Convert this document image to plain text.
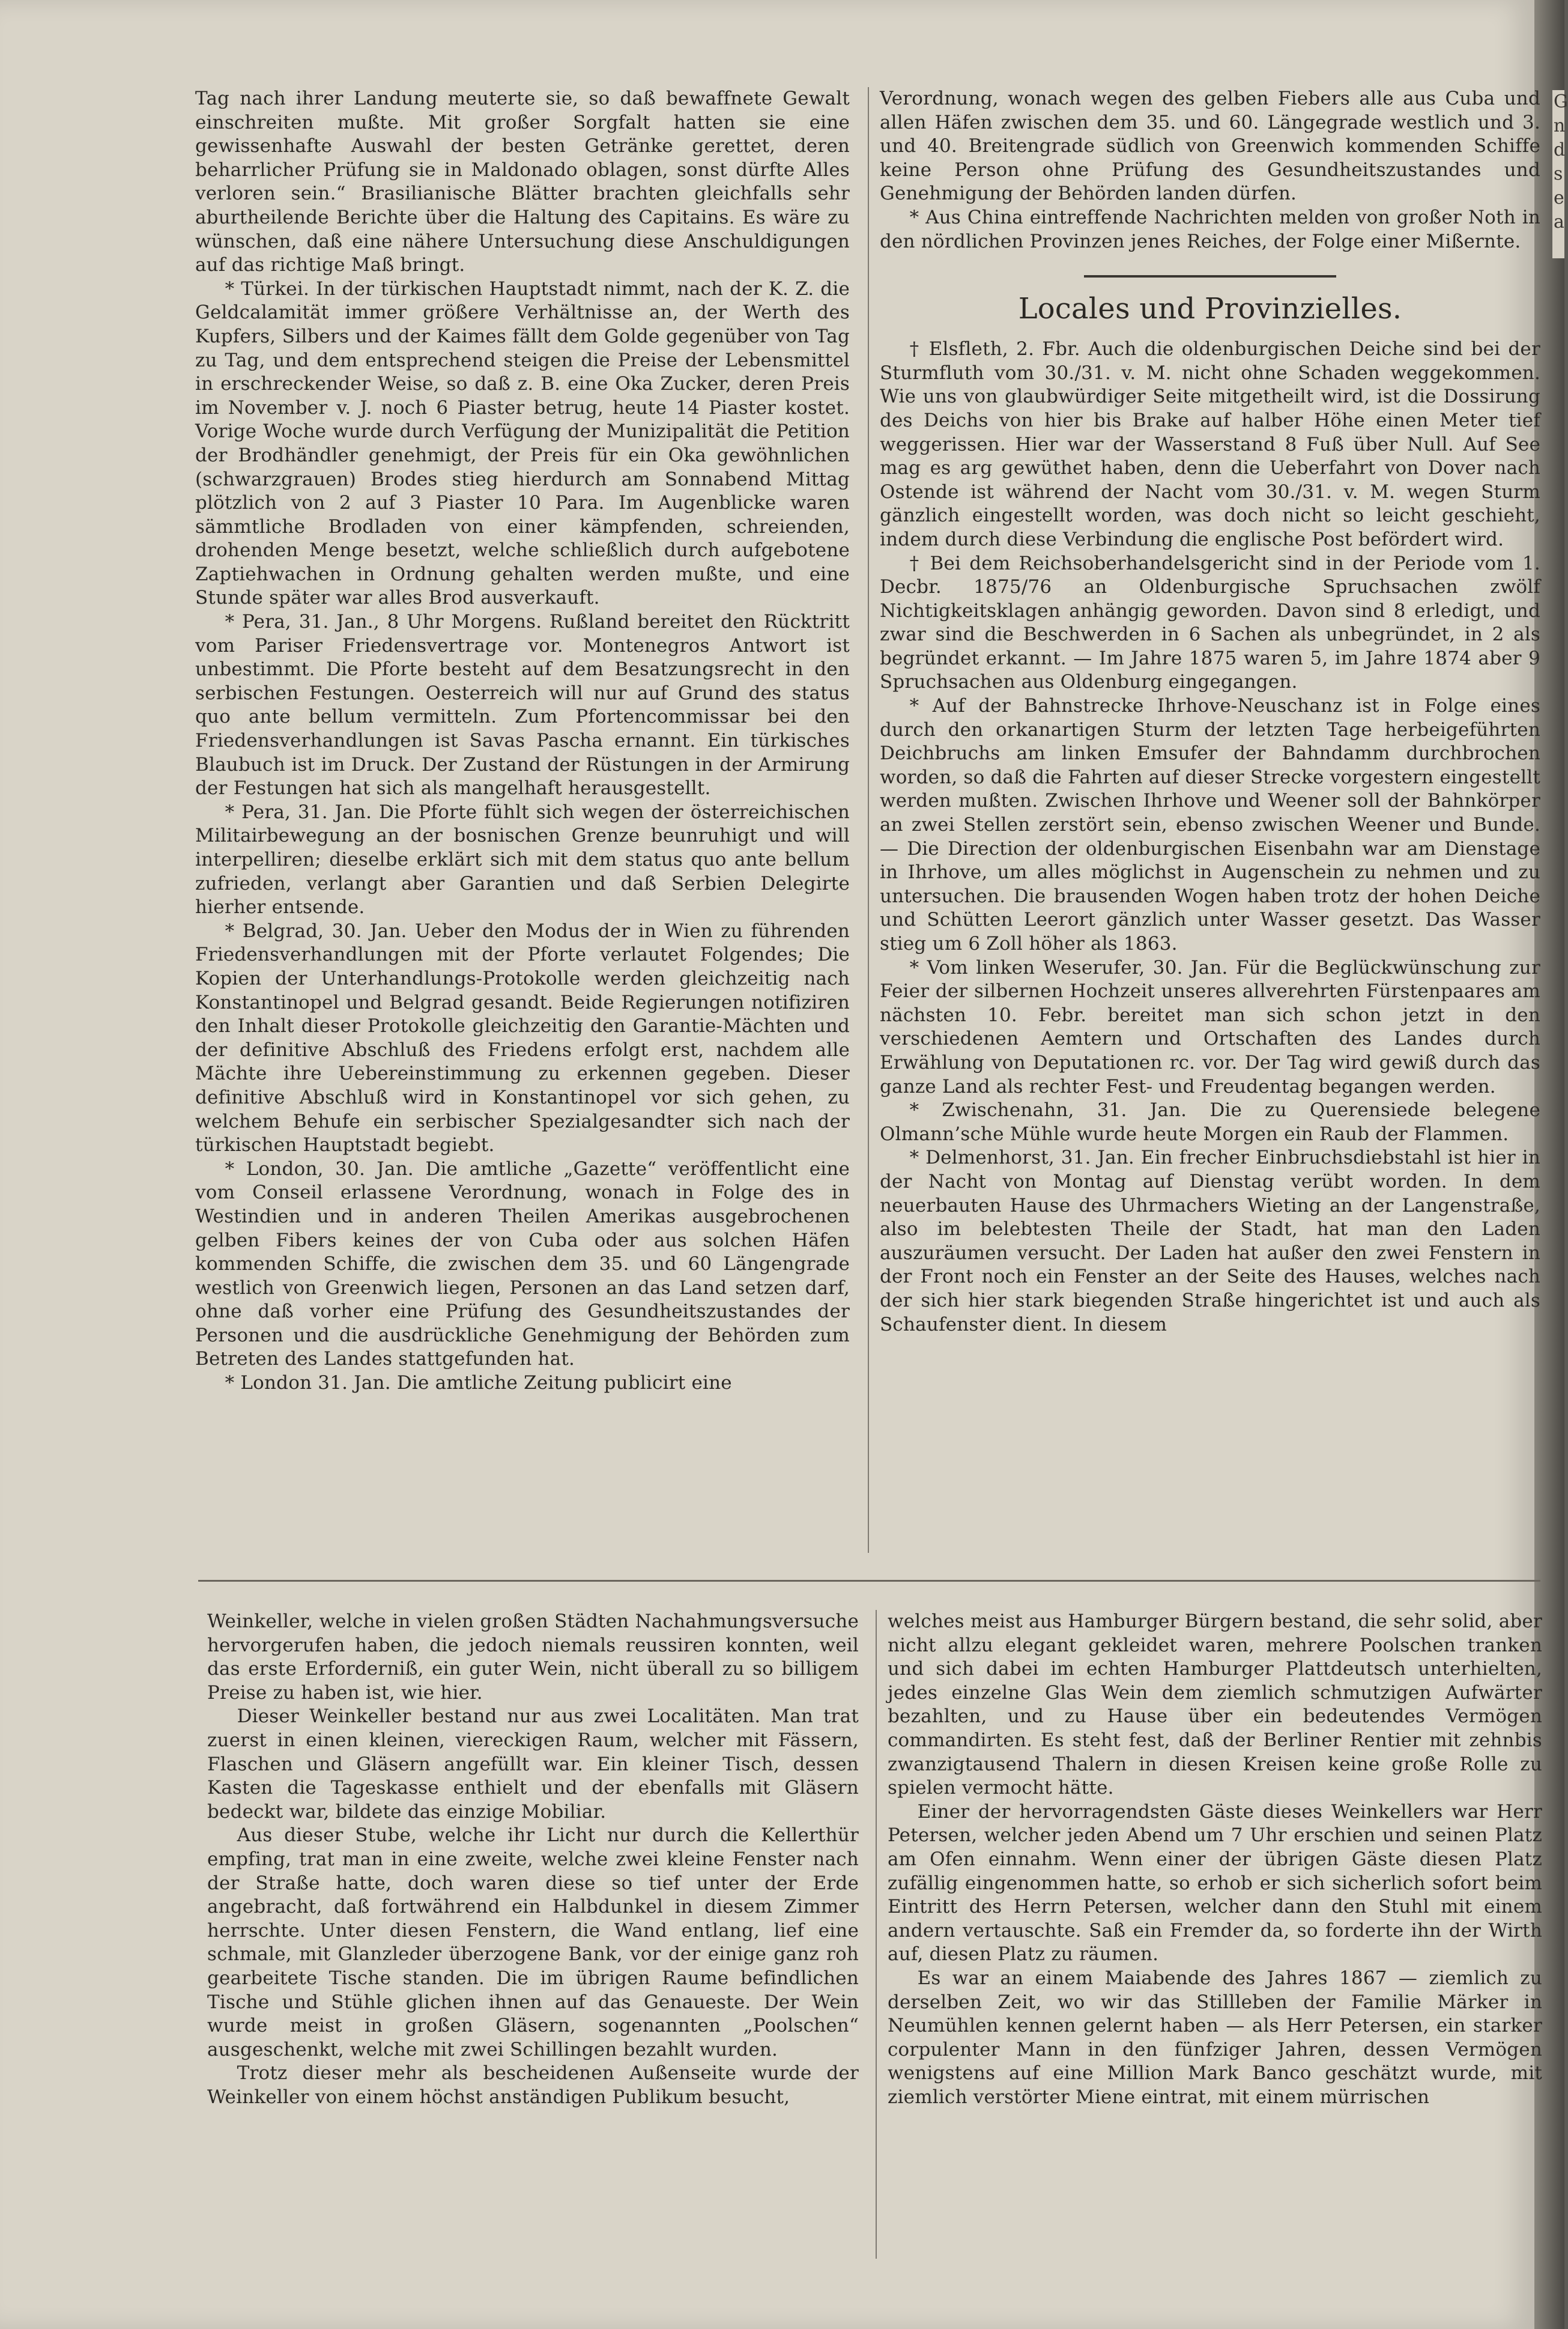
G
n
d
s
e
a

Tag nach ihrer Landung meuterte sie, so daß bewaffnete Gewalt einschreiten mußte. Mit großer Sorgfalt hatten sie eine gewissenhafte Auswahl der besten Getränke gerettet, deren beharrlicher Prüfung sie in Maldonado oblagen, sonst dürfte Alles verloren sein.“ Brasilianische Blätter brachten gleichfalls sehr aburtheilende Berichte über die Haltung des Capitains. Es wäre zu wünschen, daß eine nähere Untersuchung diese Anschuldigungen auf das richtige Maß bringt.

* Türkei. In der türkischen Hauptstadt nimmt, nach der K. Z. die Geldcalamität immer größere Verhältnisse an, der Werth des Kupfers, Silbers und der Kaimes fällt dem Golde gegenüber von Tag zu Tag, und dem entsprechend steigen die Preise der Lebensmittel in erschreckender Weise, so daß z. B. eine Oka Zucker, deren Preis im November v. J. noch 6 Piaster betrug, heute 14 Piaster kostet. Vorige Woche wurde durch Verfügung der Munizipalität die Petition der Brodhändler genehmigt, der Preis für ein Oka gewöhnlichen (schwarzgrauen) Brodes stieg hierdurch am Sonnabend Mittag plötzlich von 2 auf 3 Piaster 10 Para. Im Augenblicke waren sämmtliche Brodladen von einer kämpfenden, schreienden, drohenden Menge besetzt, welche schließlich durch aufgebotene Zaptiehwachen in Ordnung gehalten werden mußte, und eine Stunde später war alles Brod ausverkauft.

* Pera, 31. Jan., 8 Uhr Morgens. Rußland bereitet den Rücktritt vom Pariser Friedensvertrage vor. Montenegros Antwort ist unbestimmt. Die Pforte besteht auf dem Besatzungsrecht in den serbischen Festungen. Oesterreich will nur auf Grund des status quo ante bellum vermitteln. Zum Pfortencommissar bei den Friedensverhandlungen ist Savas Pascha ernannt. Ein türkisches Blaubuch ist im Druck. Der Zustand der Rüstungen in der Armirung der Festungen hat sich als mangelhaft herausgestellt.

* Pera, 31. Jan. Die Pforte fühlt sich wegen der österreichischen Militairbewegung an der bosnischen Grenze beunruhigt und will interpelliren; dieselbe erklärt sich mit dem status quo ante bellum zufrieden, verlangt aber Garantien und daß Serbien Delegirte hierher entsende.

* Belgrad, 30. Jan. Ueber den Modus der in Wien zu führenden Friedensverhandlungen mit der Pforte verlautet Folgendes; Die Kopien der Unterhandlungs-Protokolle werden gleichzeitig nach Konstantinopel und Belgrad gesandt. Beide Regierungen notifiziren den Inhalt dieser Protokolle gleichzeitig den Garantie-Mächten und der definitive Abschluß des Friedens erfolgt erst, nachdem alle Mächte ihre Uebereinstimmung zu erkennen gegeben. Dieser definitive Abschluß wird in Konstantinopel vor sich gehen, zu welchem Behufe ein serbischer Spezialgesandter sich nach der türkischen Hauptstadt begiebt.

* London, 30. Jan. Die amtliche „Gazette“ veröffentlicht eine vom Conseil erlassene Verordnung, wonach in Folge des in Westindien und in anderen Theilen Amerikas ausgebrochenen gelben Fibers keines der von Cuba oder aus solchen Häfen kommenden Schiffe, die zwischen dem 35. und 60 Längengrade westlich von Greenwich liegen, Personen an das Land setzen darf, ohne daß vorher eine Prüfung des Gesundheitszustandes der Personen und die ausdrückliche Genehmigung der Behörden zum Betreten des Landes stattgefunden hat.

* London 31. Jan. Die amtliche Zeitung publicirt eine

Verordnung, wonach wegen des gelben Fiebers alle aus Cuba und allen Häfen zwischen dem 35. und 60. Längegrade westlich und 3. und 40. Breitengrade südlich von Greenwich kommenden Schiffe keine Person ohne Prüfung des Gesundheitszustandes und Genehmigung der Behörden landen dürfen.

* Aus China eintreffende Nachrichten melden von großer Noth in den nördlichen Provinzen jenes Reiches, der Folge einer Mißernte.

Locales und Provinzielles.

† Elsfleth, 2. Fbr. Auch die oldenburgischen Deiche sind bei der Sturmfluth vom 30./31. v. M. nicht ohne Schaden weggekommen. Wie uns von glaubwürdiger Seite mitgetheilt wird, ist die Dossirung des Deichs von hier bis Brake auf halber Höhe einen Meter tief weggerissen. Hier war der Wasserstand 8 Fuß über Null. Auf See mag es arg gewüthet haben, denn die Ueberfahrt von Dover nach Ostende ist während der Nacht vom 30./31. v. M. wegen Sturm gänzlich eingestellt worden, was doch nicht so leicht geschieht, indem durch diese Verbindung die englische Post befördert wird.

† Bei dem Reichsoberhandelsgericht sind in der Periode vom 1. Decbr. 1875/76 an Oldenburgische Spruchsachen zwölf Nichtigkeitsklagen anhängig geworden. Davon sind 8 erledigt, und zwar sind die Beschwerden in 6 Sachen als unbegründet, in 2 als begründet erkannt. — Im Jahre 1875 waren 5, im Jahre 1874 aber 9 Spruchsachen aus Oldenburg eingegangen.

* Auf der Bahnstrecke Ihrhove-Neuschanz ist in Folge eines durch den orkanartigen Sturm der letzten Tage herbeigeführten Deichbruchs am linken Emsufer der Bahndamm durchbrochen worden, so daß die Fahrten auf dieser Strecke vorgestern eingestellt werden mußten. Zwischen Ihrhove und Weener soll der Bahnkörper an zwei Stellen zerstört sein, ebenso zwischen Weener und Bunde. — Die Direction der oldenburgischen Eisenbahn war am Dienstage in Ihrhove, um alles möglichst in Augenschein zu nehmen und zu untersuchen. Die brausenden Wogen haben trotz der hohen Deiche und Schütten Leerort gänzlich unter Wasser gesetzt. Das Wasser stieg um 6 Zoll höher als 1863.

* Vom linken Weserufer, 30. Jan. Für die Beglückwünschung zur Feier der silbernen Hochzeit unseres allverehrten Fürstenpaares am nächsten 10. Febr. bereitet man sich schon jetzt in den verschiedenen Aemtern und Ortschaften des Landes durch Erwählung von Deputationen rc. vor. Der Tag wird gewiß durch das ganze Land als rechter Fest- und Freudentag begangen werden.

* Zwischenahn, 31. Jan. Die zu Querensiede belegene Olmann’sche Mühle wurde heute Morgen ein Raub der Flammen.

* Delmenhorst, 31. Jan. Ein frecher Einbruchsdiebstahl ist hier in der Nacht von Montag auf Dienstag verübt worden. In dem neuerbauten Hause des Uhrmachers Wieting an der Langenstraße, also im belebtesten Theile der Stadt, hat man den Laden auszuräumen versucht. Der Laden hat außer den zwei Fenstern in der Front noch ein Fenster an der Seite des Hauses, welches nach der sich hier stark biegenden Straße hingerichtet ist und auch als Schaufenster dient. In diesem

Weinkeller, welche in vielen großen Städten Nachahmungsversuche hervorgerufen haben, die jedoch niemals reussiren konnten, weil das erste Erforderniß, ein guter Wein, nicht überall zu so billigem Preise zu haben ist, wie hier.

Dieser Weinkeller bestand nur aus zwei Localitäten. Man trat zuerst in einen kleinen, viereckigen Raum, welcher mit Fässern, Flaschen und Gläsern angefüllt war. Ein kleiner Tisch, dessen Kasten die Tageskasse enthielt und der ebenfalls mit Gläsern bedeckt war, bildete das einzige Mobiliar.

Aus dieser Stube, welche ihr Licht nur durch die Kellerthür empfing, trat man in eine zweite, welche zwei kleine Fenster nach der Straße hatte, doch waren diese so tief unter der Erde angebracht, daß fortwährend ein Halbdunkel in diesem Zimmer herrschte. Unter diesen Fenstern, die Wand entlang, lief eine schmale, mit Glanzleder überzogene Bank, vor der einige ganz roh gearbeitete Tische standen. Die im übrigen Raume befindlichen Tische und Stühle glichen ihnen auf das Genaueste. Der Wein wurde meist in großen Gläsern, sogenannten „Poolschen“ ausgeschenkt, welche mit zwei Schillingen bezahlt wurden.

Trotz dieser mehr als bescheidenen Außenseite wurde der Weinkeller von einem höchst anständigen Publikum besucht,

welches meist aus Hamburger Bürgern bestand, die sehr solid, aber nicht allzu elegant gekleidet waren, mehrere Poolschen tranken und sich dabei im echten Hamburger Plattdeutsch unterhielten, jedes einzelne Glas Wein dem ziemlich schmutzigen Aufwärter bezahlten, und zu Hause über ein bedeutendes Vermögen commandirten. Es steht fest, daß der Berliner Rentier mit zehnbis zwanzigtausend Thalern in diesen Kreisen keine große Rolle zu spielen vermocht hätte.

Einer der hervorragendsten Gäste dieses Weinkellers war Herr Petersen, welcher jeden Abend um 7 Uhr erschien und seinen Platz am Ofen einnahm. Wenn einer der übrigen Gäste diesen Platz zufällig eingenommen hatte, so erhob er sich sicherlich sofort beim Eintritt des Herrn Petersen, welcher dann den Stuhl mit einem andern vertauschte. Saß ein Fremder da, so forderte ihn der Wirth auf, diesen Platz zu räumen.

Es war an einem Maiabende des Jahres 1867 — ziemlich zu derselben Zeit, wo wir das Stillleben der Familie Märker in Neumühlen kennen gelernt haben — als Herr Petersen, ein starker corpulenter Mann in den fünfziger Jahren, dessen Vermögen wenigstens auf eine Million Mark Banco geschätzt wurde, mit ziemlich verstörter Miene eintrat, mit einem mürrischen
